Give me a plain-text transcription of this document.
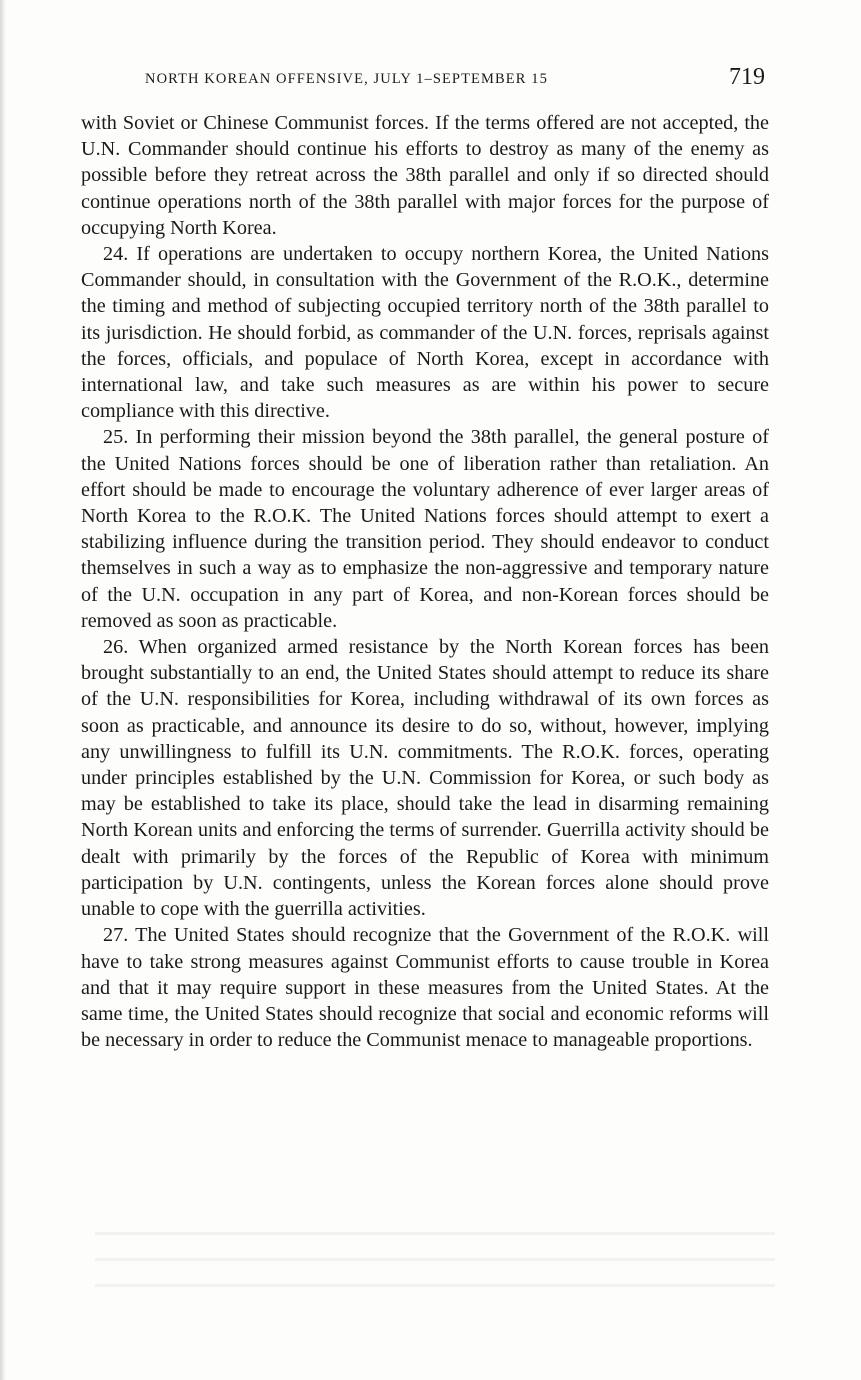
NORTH KOREAN OFFENSIVE, JULY 1–SEPTEMBER 15	719

with Soviet or Chinese Communist forces. If the terms offered are not accepted, the U.N. Commander should continue his efforts to destroy as many of the enemy as possible before they retreat across the 38th parallel and only if so directed should continue operations north of the 38th parallel with major forces for the purpose of occupying North Korea.

24. If operations are undertaken to occupy northern Korea, the United Nations Commander should, in consultation with the Government of the R.O.K., determine the timing and method of subjecting occupied territory north of the 38th parallel to its jurisdiction. He should forbid, as commander of the U.N. forces, reprisals against the forces, officials, and populace of North Korea, except in accordance with international law, and take such measures as are within his power to secure compliance with this directive.

25. In performing their mission beyond the 38th parallel, the general posture of the United Nations forces should be one of liberation rather than retaliation. An effort should be made to encourage the voluntary adherence of ever larger areas of North Korea to the R.O.K. The United Nations forces should attempt to exert a stabilizing influence during the transition period. They should endeavor to conduct themselves in such a way as to emphasize the non-aggressive and temporary nature of the U.N. occupation in any part of Korea, and non-Korean forces should be removed as soon as practicable.

26. When organized armed resistance by the North Korean forces has been brought substantially to an end, the United States should attempt to reduce its share of the U.N. responsibilities for Korea, including withdrawal of its own forces as soon as practicable, and announce its desire to do so, without, however, implying any unwillingness to fulfill its U.N. commitments. The R.O.K. forces, operating under principles established by the U.N. Commission for Korea, or such body as may be established to take its place, should take the lead in disarming remaining North Korean units and enforcing the terms of surrender. Guerrilla activity should be dealt with primarily by the forces of the Republic of Korea with minimum participation by U.N. contingents, unless the Korean forces alone should prove unable to cope with the guerrilla activities.

27. The United States should recognize that the Government of the R.O.K. will have to take strong measures against Communist efforts to cause trouble in Korea and that it may require support in these measures from the United States. At the same time, the United States should recognize that social and economic reforms will be necessary in order to reduce the Communist menace to manageable proportions.
